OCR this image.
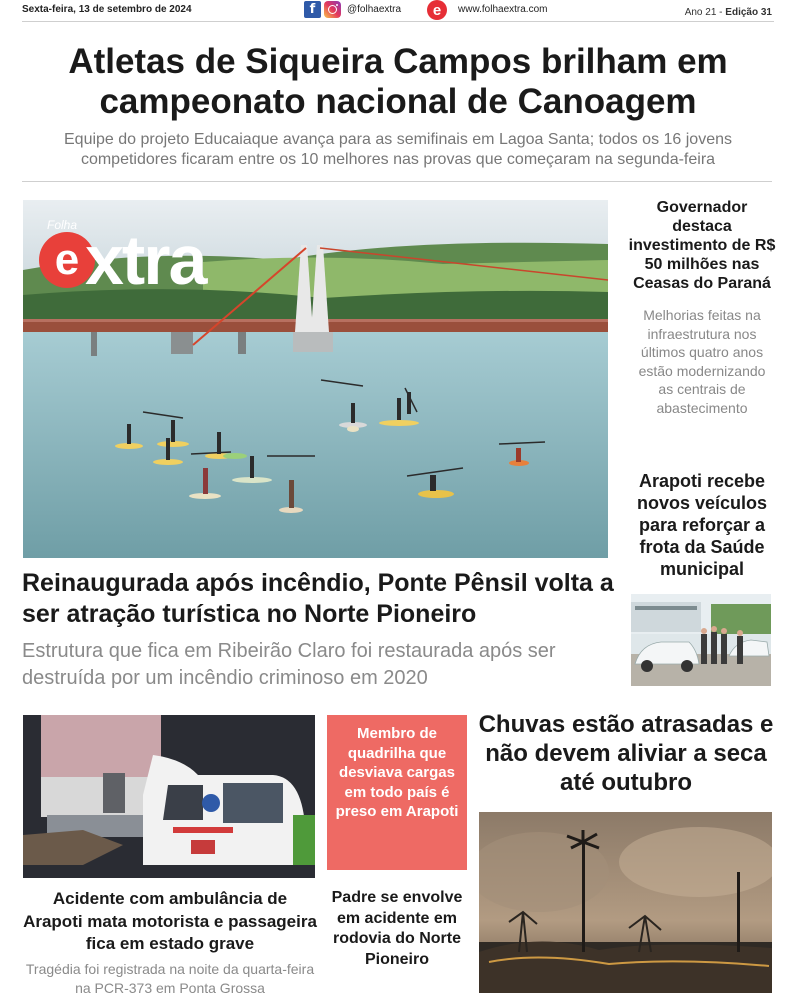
Sexta-feira, 13 de setembro de 2024	f	@folhaextra	e	www.folhaextra.com	Ano 21 - Edição 31
Atletas de Siqueira Campos brilham em campeonato nacional de Canoagem

Equipe do projeto Educaiaque avança para as semifinais em Lagoa Santa; todos os 16 jovens competidores ficaram entre os 10 melhores nas provas que começaram na segunda-feira

Folha
e xtra
Reinaugurada após incêndio, Ponte Pênsil volta a ser atração turística no Norte Pioneiro

Estrutura que fica em Ribeirão Claro foi restaurada após ser destruída por um incêndio criminoso em 2020

Governador destaca investimento de R$ 50 milhões nas Ceasas do Paraná

Melhorias feitas na infraestrutura nos últimos quatro anos estão modernizando as centrais de abastecimento

Arapoti recebe novos veículos para reforçar a frota da Saúde municipal
Acidente com ambulância de Arapoti mata motorista e passageira fica em estado grave

Tragédia foi registrada na noite da quarta-feira na PCR-373 em Ponta Grossa

Membro de quadrilha que desviava cargas em todo país é preso em Arapoti
Padre se envolve em acidente em rodovia do Norte Pioneiro
Chuvas estão atrasadas e não devem aliviar a seca até outubro
